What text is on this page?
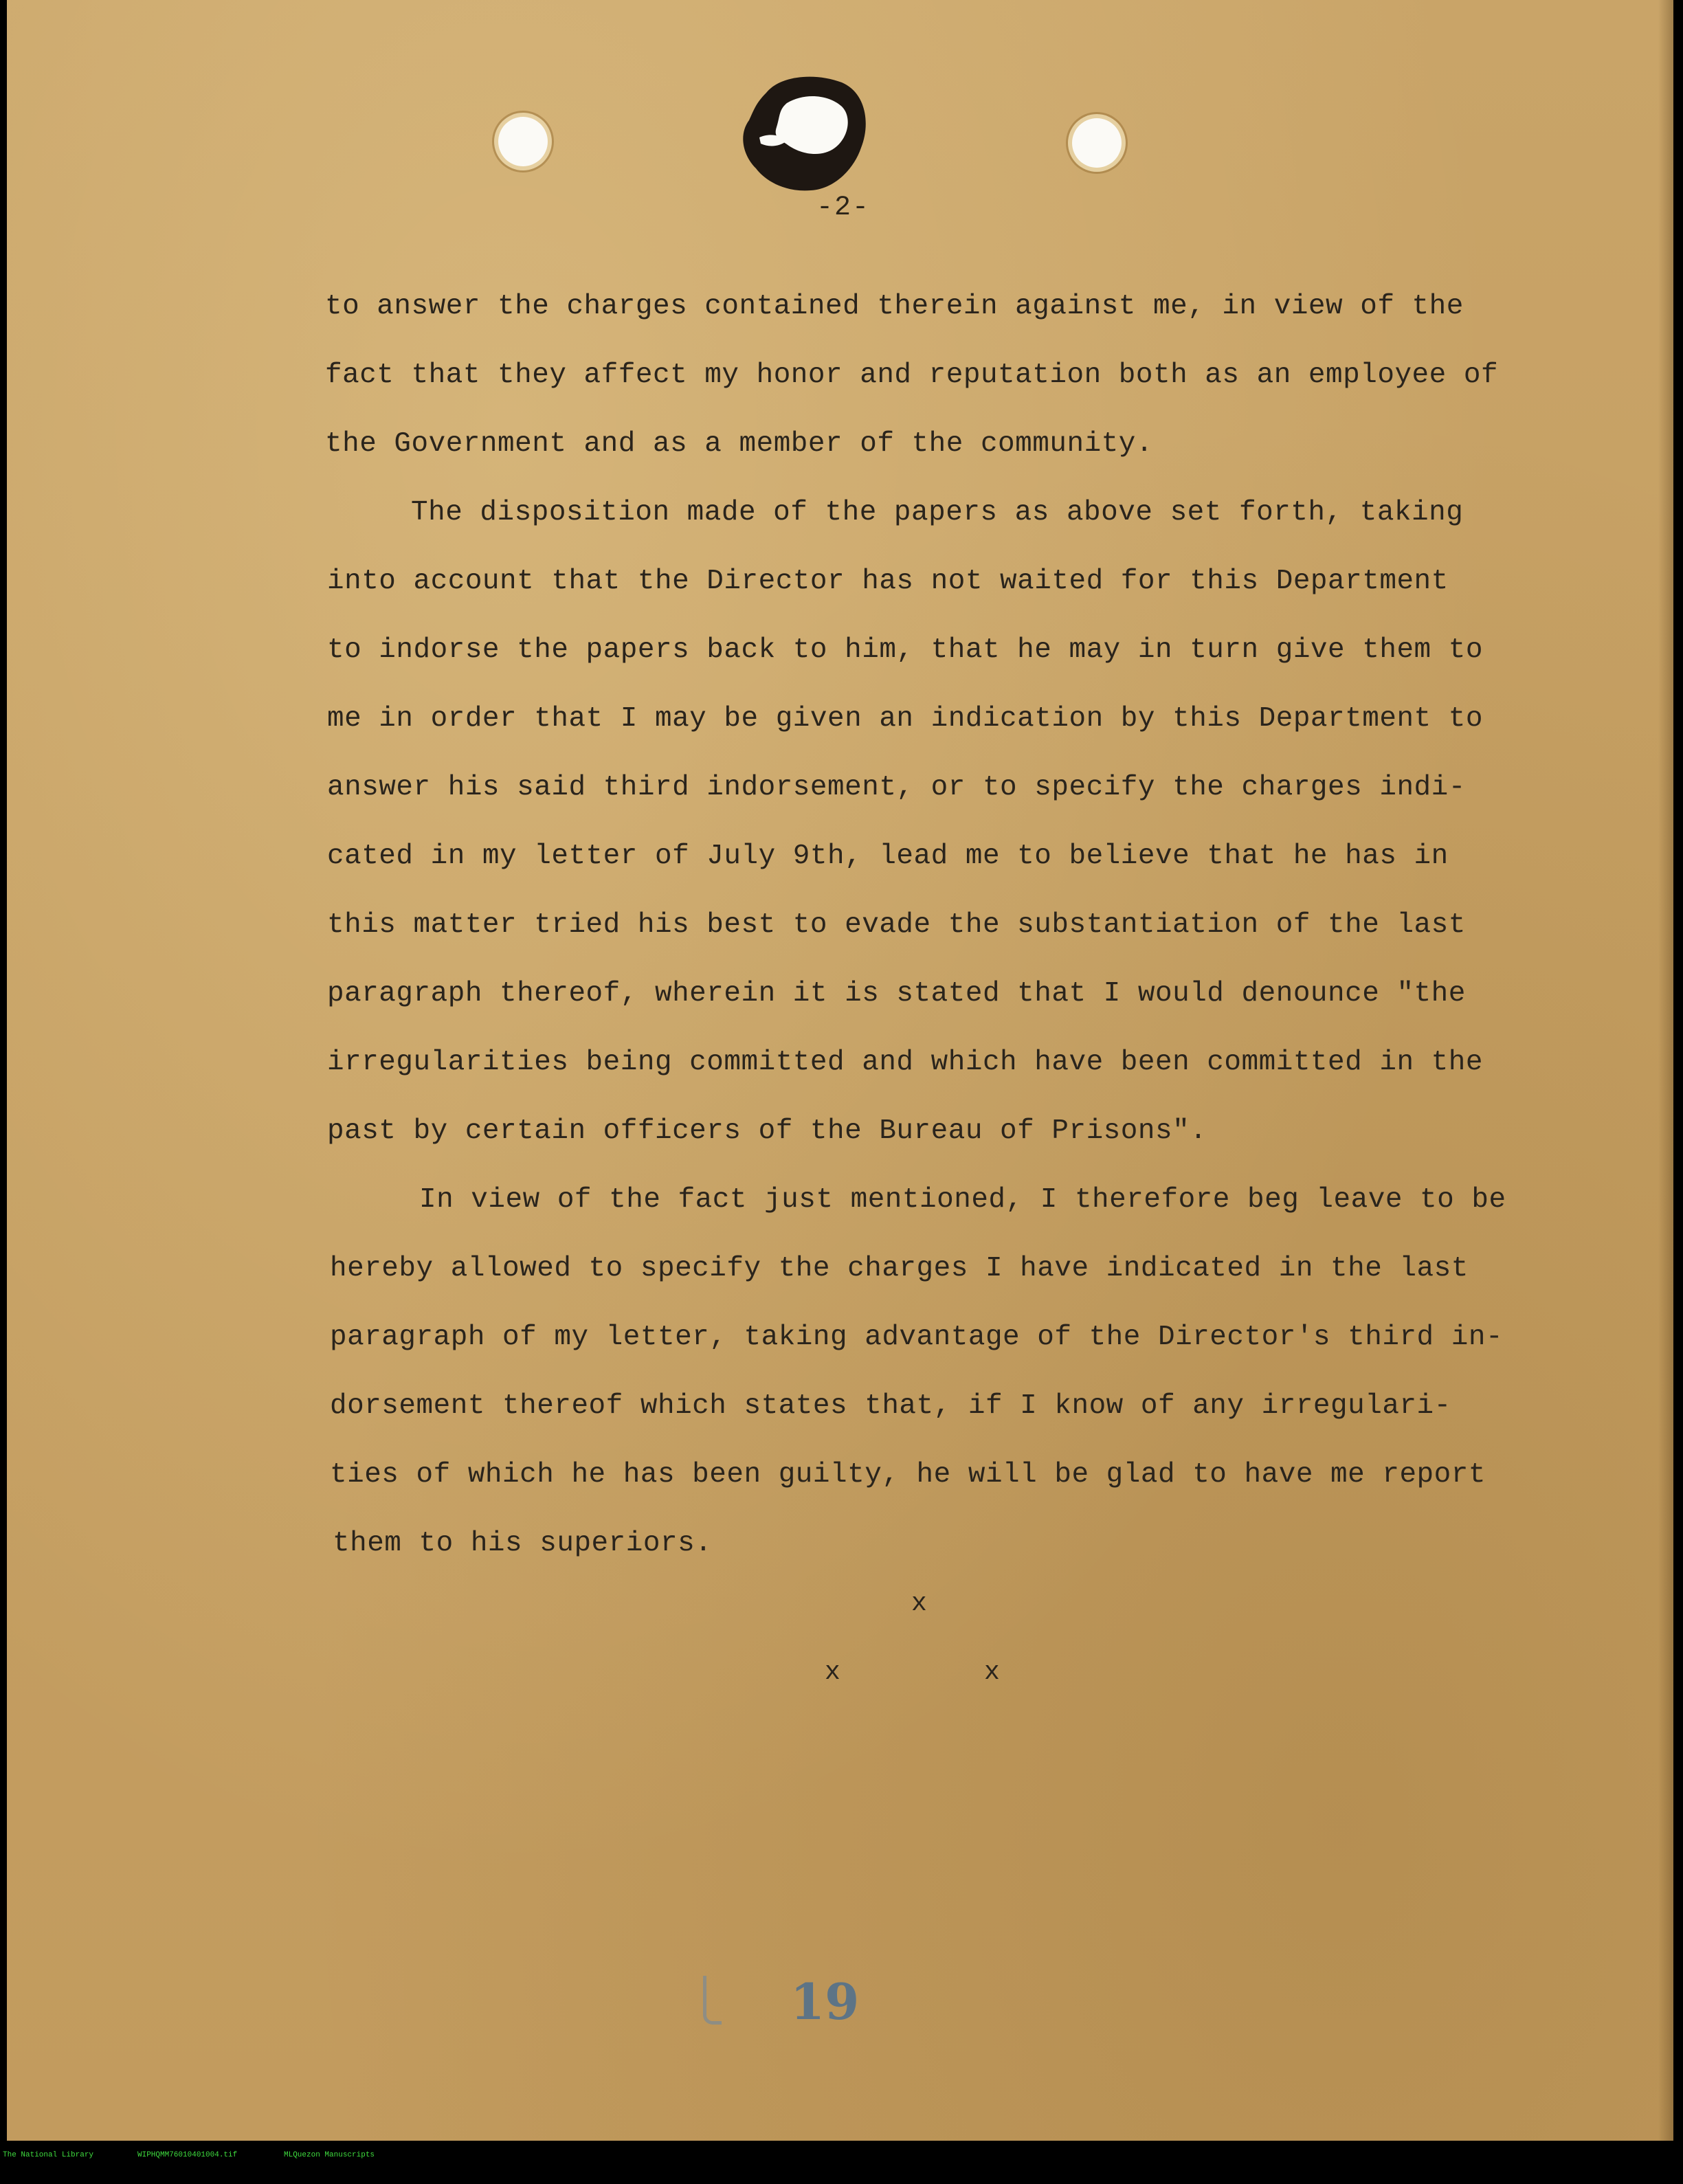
-2-
to answer the charges contained therein against me, in view of the
fact that they affect my honor and reputation both as an employee of
the Government and as a member of the community.
The disposition made of the papers as above set forth, taking
into account that the Director has not waited for this Department
to indorse the papers back to him, that he may in turn give them to
me in order that I may be given an indication by this Department to
answer his said third indorsement, or to specify the charges indi-
cated in my letter of July 9th, lead me to believe that he has in
this matter tried his best to evade the substantiation of the last
paragraph thereof, wherein it is stated that I would denounce "the
irregularities being committed and which have been committed in the
past by certain officers of the Bureau of Prisons".
In view of the fact just mentioned, I therefore beg leave to be
hereby allowed to specify the charges I have indicated in the last
paragraph of my letter, taking advantage of the Director's third in-
dorsement thereof which states that, if I know of any irregulari-
ties of which he has been guilty, he will be glad to have me report
them to his superiors.
x
x	x
19

The National Library

	WIPHQMM76010401004.tif

	MLQuezon Manuscripts
